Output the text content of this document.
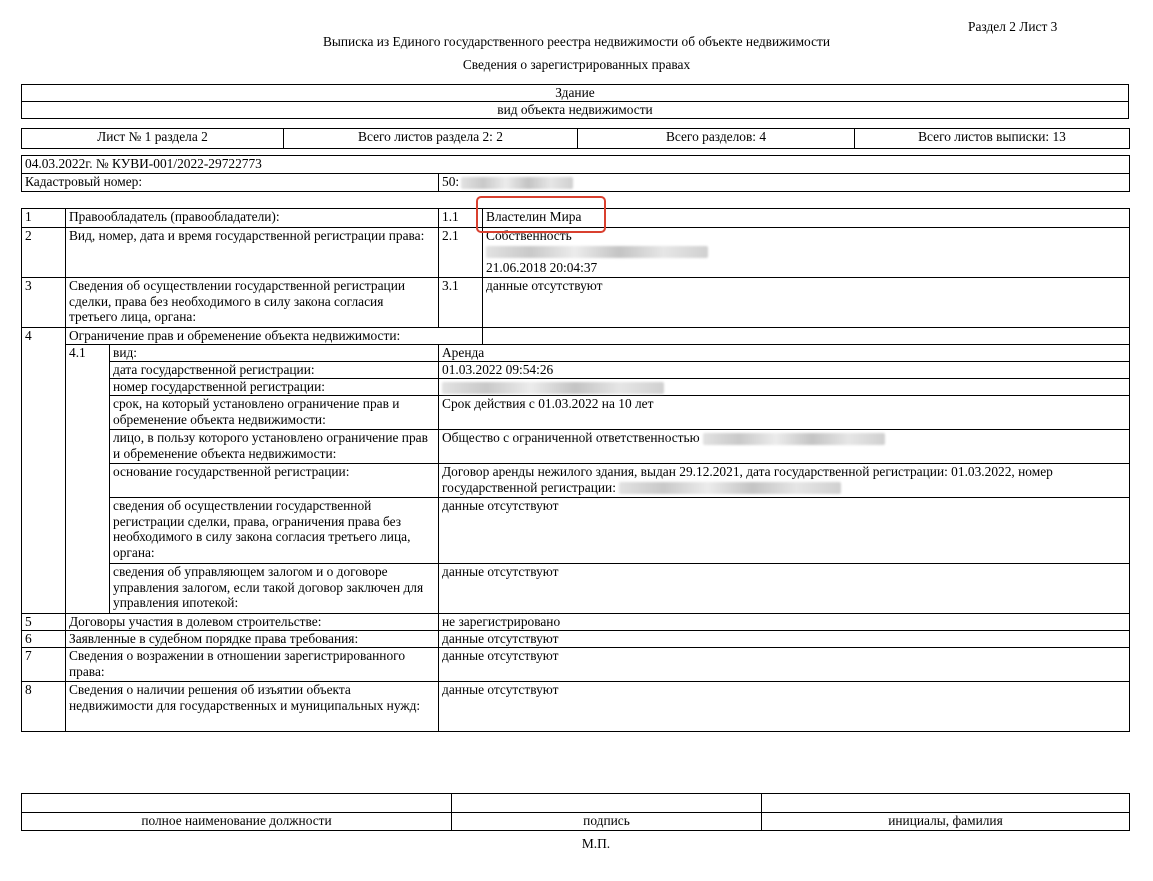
Раздел 2 Лист 3
Выписка из Единого государственного реестра недвижимости об объекте недвижимости
Сведения о зарегистрированных правах
Здание
вид объекта недвижимости
Лист № 1 раздела 2	Всего листов раздела 2: 2	Всего разделов: 4	Всего листов выписки: 13
04.03.2022г. № КУВИ-001/2022-29722773
Кадастровый номер:	50:
1	Правообладатель (правообладатели):		1.1	Властелин Мира
2	Вид, номер, дата и время государственной регистрации права:		2.1	Собственность
21.06.2018 20:04:37

3	Сведения об осуществлении государственной регистрации сделки, права без необходимого в силу закона согласия третьего лица, органа:		3.1	данные отсутствуют
4	Ограничение прав и обременение объекта недвижимости:			
	4.1	вид:	Аренда	
		дата государственной регистрации:	01.03.2022 09:54:26	
		номер государственной регистрации:		
		срок, на который установлено ограничение прав и обременение объекта недвижимости:	Срок действия с 01.03.2022 на 10 лет	
		лицо, в пользу которого установлено ограничение прав и обременение объекта недвижимости:	Общество с ограниченной ответственностью	
		основание государственной регистрации:	Договор аренды нежилого здания, выдан 29.12.2021, дата государственной регистрации: 01.03.2022, номер государственной регистрации:	
		сведения об осуществлении государственной регистрации сделки, права, ограничения права без необходимого в силу закона согласия третьего лица, органа:	данные отсутствуют	
		сведения об управляющем залогом и о договоре управления залогом, если такой договор заключен для управления ипотекой:	данные отсутствуют	
5	Договоры участия в долевом строительстве:		не зарегистрировано	
6	Заявленные в судебном порядке права требования:		данные отсутствуют	
7	Сведения о возражении в отношении зарегистрированного права:		данные отсутствуют	
8	Сведения о наличии решения об изъятии объекта недвижимости для государственных и муниципальных нужд:		данные отсутствуют	

полное наименование должности	подпись	инициалы, фамилия
М.П.
